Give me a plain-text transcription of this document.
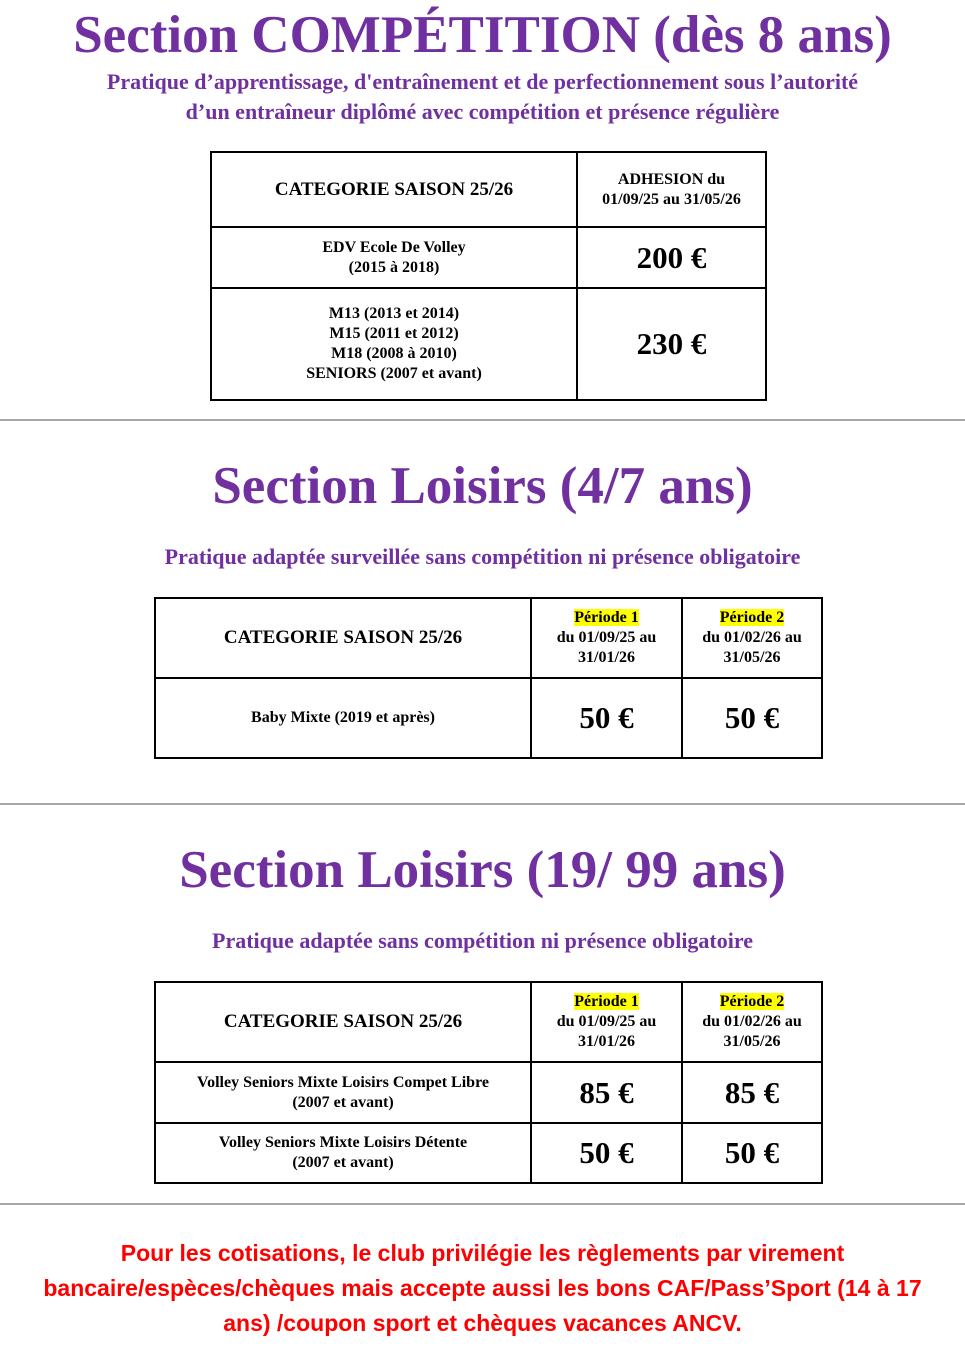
Section COMPÉTITION (dès 8 ans)
Pratique d’apprentissage, d'entraînement et de perfectionnement sous l’autorité
d’un entraîneur diplômé avec compétition et présence régulière
CATEGORIE SAISON 25/26	ADHESION du
01/09/25 au 31/05/26

EDV Ecole De Volley
(2015 à 2018)	200 €

M13 (2013 et 2014)
M15 (2011 et 2012)
M18 (2008 à 2010)
SENIORS (2007 et avant)	230 €
Section Loisirs (4/7 ans)
Pratique adaptée surveillée sans compétition ni présence obligatoire
CATEGORIE SAISON 25/26	Période 1
du 01/09/25 au
31/01/26	Période 2
du 01/02/26 au
31/05/26

Baby Mixte (2019 et après)	50 €	50 €
Section Loisirs (19/ 99 ans)
Pratique adaptée sans compétition ni présence obligatoire
CATEGORIE SAISON 25/26	Période 1
du 01/09/25 au
31/01/26	Période 2
du 01/02/26 au
31/05/26

Volley Seniors Mixte Loisirs Compet Libre
(2007 et avant)	85 €	85 €

Volley Seniors Mixte Loisirs Détente
(2007 et avant)	50 €	50 €
Pour les cotisations, le club privilégie les règlements par virement
bancaire/espèces/chèques mais accepte aussi les bons CAF/Pass’Sport (14 à 17
ans) /coupon sport et chèques vacances ANCV.
